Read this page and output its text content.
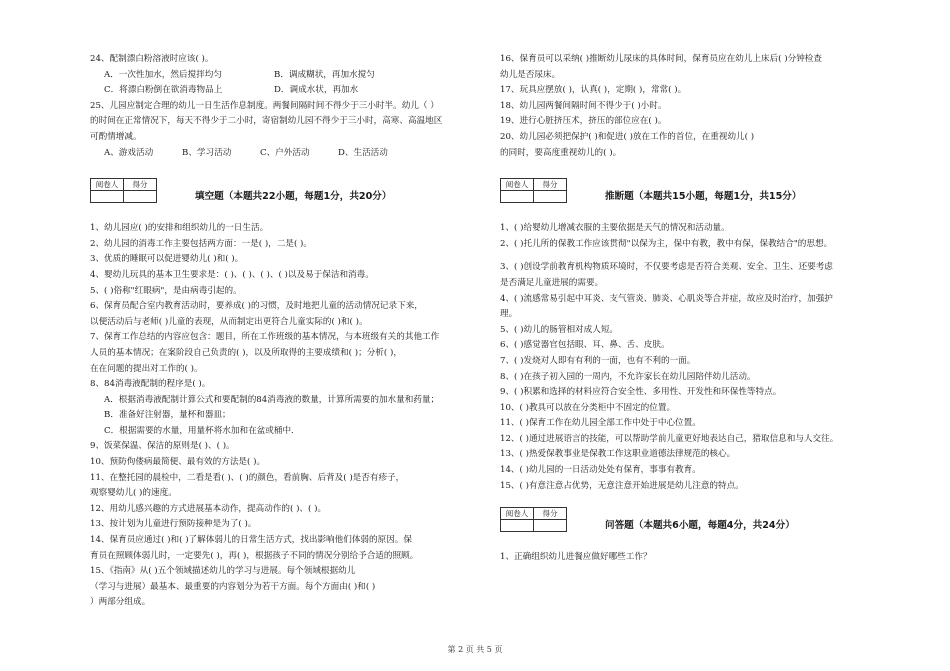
24、配制漂白粉溶液时应该( )。
A．一次性加水，然后搅拌均匀	B．调成糊状，再加水搅匀
C．将漂白粉倒在欲消毒物品上	D．调成水状，再加水
25、儿园应制定合理的幼儿一日生活作息制度。两餐间隔时间不得少于三小时半。幼儿（ ）
的时间在正常情况下，每天不得少于二小时，寄宿制幼儿园不得少于三小时，高寒、高温地区
可酌情增减。
A、游戏活动	B、学习活动	C、户外活动	D、生活活动
阅卷人	得分

填空题（本题共22小题，每题1分，共20分）
1、幼儿园应( )的安排和组织幼儿的一日生活。
2、幼儿园的消毒工作主要包括两方面：一是( )，二是( )。
3、优质的睡眠可以促进婴幼儿( )和( )。
4、婴幼儿玩具的基本卫生要求是：( )、( )、( )、( )以及易于保洁和消毒。
5、( )俗称"红眼病"，是由病毒引起的。
6、保育员配合室内教育活动时，要养成( )的习惯，及时地把儿童的活动情况记录下来，
以便活动后与老师( )儿童的表现，从而制定出更符合儿童实际的( )和( )。
7、保育工作总结的内容应包含：题目，所在工作班级的基本情况，与本班级有关的其他工作
人员的基本情况；在案阶段自己负责的( )，以及所取得的主要成绩和( )；分析( )，
在在问题的提出对工作的( )。
8、84消毒液配制的程序是( )。
A．根据消毒液配制计算公式和要配制的84消毒液的数量，计算所需要的加水量和药量；
B．准备好注射器，量杯和器皿；
C．根据需要的水量，用量杯将水加和在盆或桶中.
9、饭菜保温、保洁的原则是( )、( )。
10、预防佝偻病最简便、最有效的方法是( )。
11、在整托园的晨检中，二看是看( )、( )的颜色，看前胸、后背及( )是否有疹子，
观察婴幼儿( )的速度。
12、用幼儿感兴趣的方式进展基本动作，提高动作的( )、( )。
13、按计划为儿童进行预防接种是为了( )。
14、保育员应通过( )和( )了解体弱儿的日常生活方式，找出影响他们体弱的原因。保
育员在照顾体弱儿时，一定要先( )，再( )，根据孩子不同的情况分别给予合适的照顾。
15、《指南》从( )五个领域描述幼儿的学习与进展。每个领域根据幼儿
（学习与进展）最基本、最重要的内容划分为若干方面。每个方面由( )和( )
）两部分组成。
16、保育员可以采纳( )推断幼儿尿床的具体时间，保育员应在幼儿上床后( )分钟检查
幼儿是否尿床。
17、玩具应摆放( )，认真( )，定期( )，常常( )。
18、幼儿园两餐间隔时间不得少于( )小时。
19、进行心脏挤压术，挤压的部位应在( )。
20、幼儿园必须把保护( )和促进( )放在工作的首位，在重视幼儿( )
的同时，要高度重视幼儿的( )。
阅卷人	得分

推断题（本题共15小题，每题1分，共15分）
1、( )给婴幼儿增减衣服的主要依据是天气的情况和活动量。
2、( )托儿所的保教工作应该贯彻"以保为主，保中有教，教中有保，保教结合"的思想。
3、( )创设学前教育机构物质环境时，不仅要考虑是否符合美观、安全、卫生、还要考虑
是否满足儿童进展的需要。
4、( )流感常易引起中耳炎、支气管炎、肺炎、心肌炎等合并症，故应及时治疗，加强护
理。
5、( )幼儿的肠管相对成人短。
6、( )感觉器官包括眼、耳、鼻、舌、皮肤。
7、( )发烧对人即有有利的一面，也有不利的一面。
8、( )在孩子初入园的一周内，不允许家长在幼儿园陪伴幼儿活动。
9、( )积累和选择的材料应符合安全性、多用性、开发性和环保性等特点。
10、( )教具可以放在分类柜中不固定的位置。
11、( )保育工作在幼儿园全部工作中处于中心位置。
12、( )通过进展语言的技能，可以帮助学前儿童更好地表达自己，猎取信息和与人交往。
13、( )热爱保教事业是保教工作这职业道德法律规范的核心。
14、( )幼儿园的一日活动处处有保育，事事有教育。
15、( )有意注意占优势，无意注意开始进展是幼儿注意的特点。
阅卷人	得分

问答题（本题共6小题，每题4分，共24分）
1、正确组织幼儿进餐应做好哪些工作？
第 2 页 共 5 页
